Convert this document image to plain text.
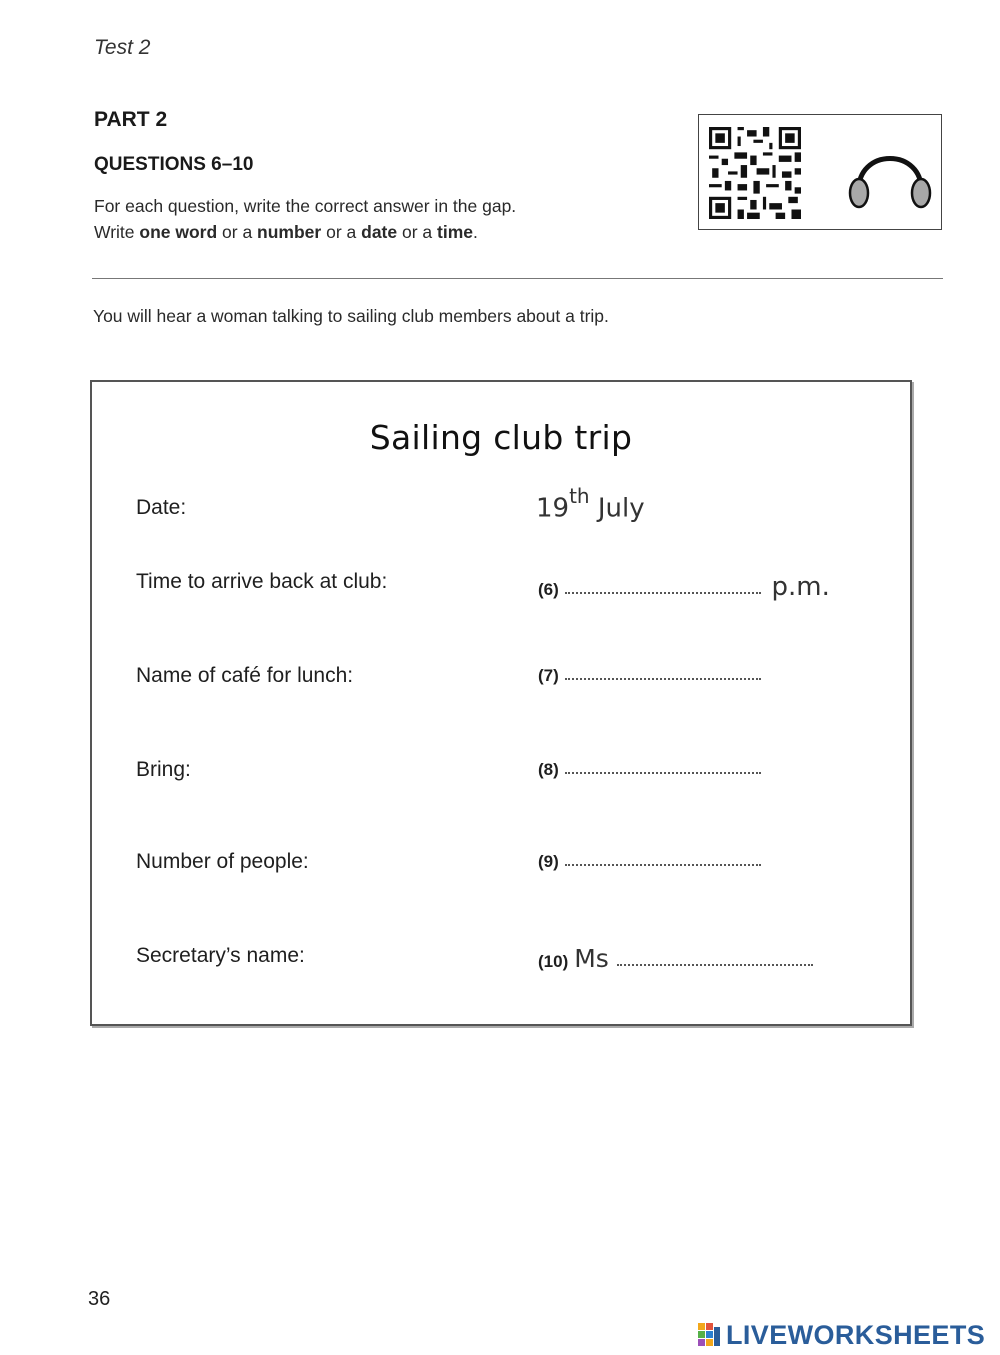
Test 2
PART 2
QUESTIONS 6–10
For each question, write the correct answer in the gap.
Write one word or a number or a date or a time.
You will hear a woman talking to sailing club members about a trip.
Sailing club trip
Date:	19th July
Time to arrive back at club:	(6)	p.m.
Name of café for lunch:	(7)
Bring:	(8)
Number of people:	(9)
Secretary’s name:	(10) Ms
36
LIVEWORKSHEETS
